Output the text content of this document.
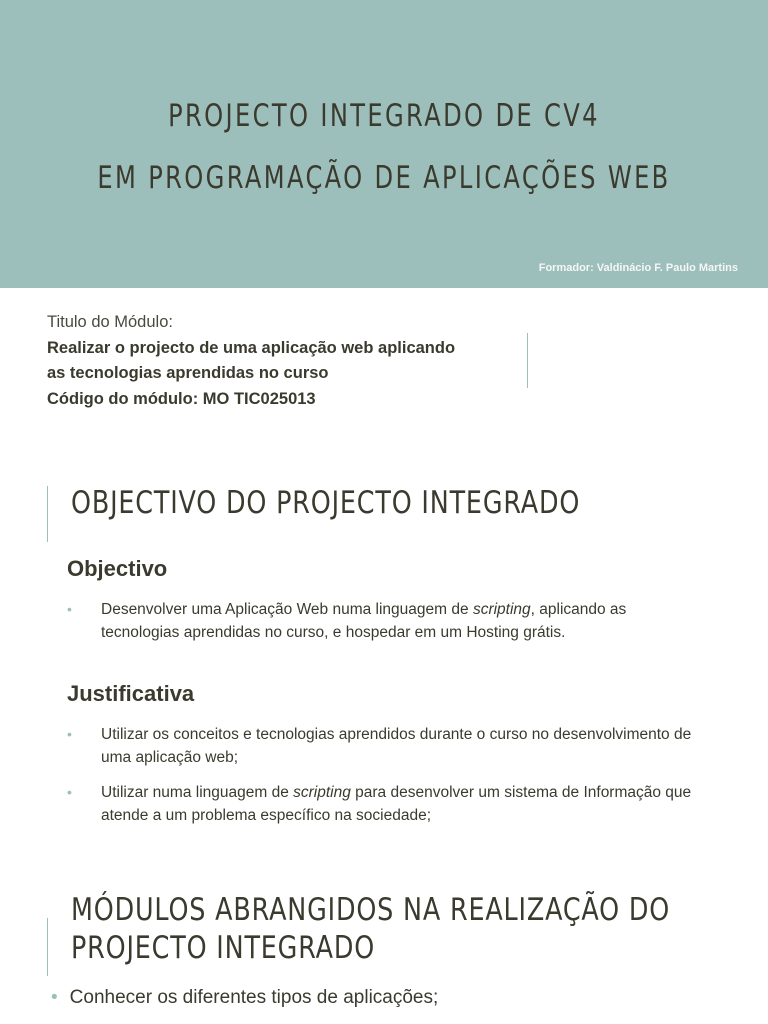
PROJECTO INTEGRADO DE CV4
EM PROGRAMAÇÃO DE APLICAÇÕES WEB
Formador: Valdinácio F. Paulo Martins
Titulo do Módulo:
Realizar o projecto de uma aplicação web aplicando
as tecnologias aprendidas no curso
Código do módulo: MO TIC025013
OBJECTIVO DO PROJECTO INTEGRADO
Objectivo
• Desenvolver uma Aplicação Web numa linguagem de scripting, aplicando as tecnologias aprendidas no curso, e hospedar em um Hosting grátis.
Justificativa
• Utilizar os conceitos e tecnologias aprendidos durante o curso no desenvolvimento de uma aplicação web;
• Utilizar numa linguagem de scripting para desenvolver um sistema de Informação que atende a um problema específico na sociedade;
MÓDULOS ABRANGIDOS NA REALIZAÇÃO DO
PROJECTO INTEGRADO
• Conhecer os diferentes tipos de aplicações;
